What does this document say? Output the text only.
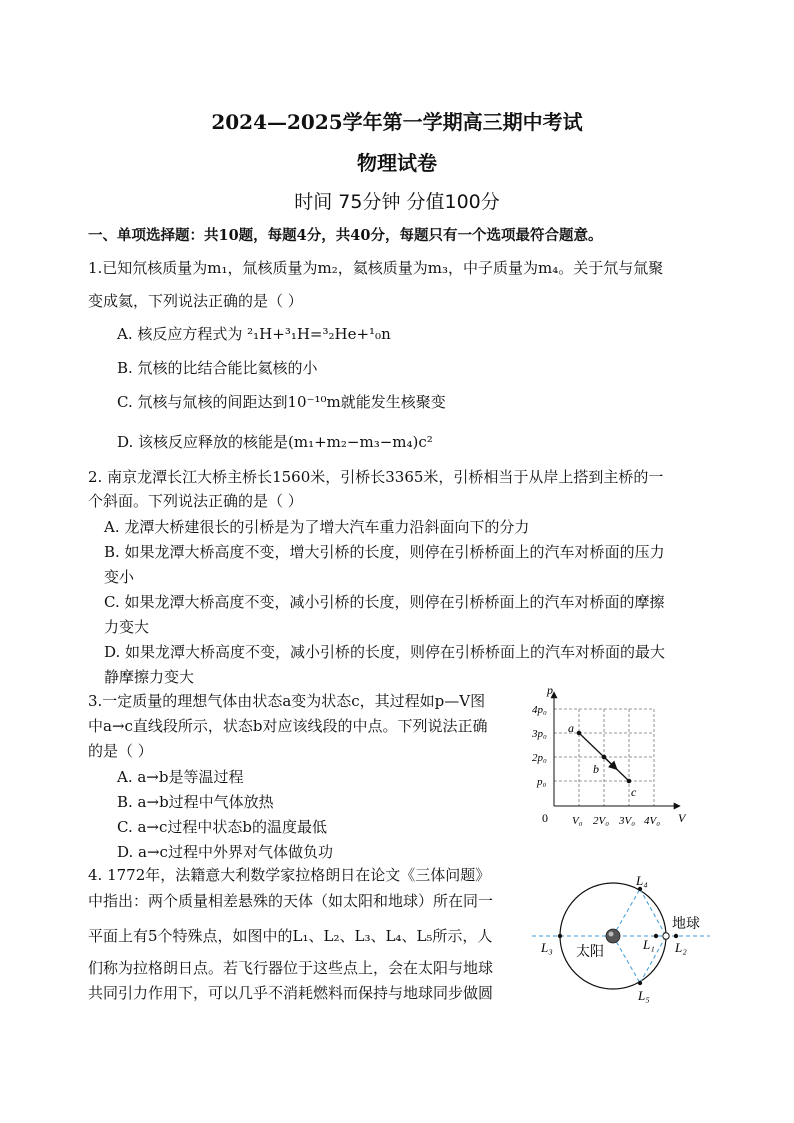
2024—2025学年第一学期高三期中考试
物理试卷
时间 75分钟 分值100分
一、单项选择题：共10题，每题4分，共40分，每题只有一个选项最符合题意。
1.已知氘核质量为m₁，氚核质量为m₂，氦核质量为m₃，中子质量为m₄。关于氘与氚聚
变成氦，下列说法正确的是（ ）
A. 核反应方程式为 ²₁H+³₁H=³₂He+¹₀n
B. 氘核的比结合能比氦核的小
C. 氘核与氚核的间距达到10⁻¹⁰m就能发生核聚变
D. 该核反应释放的核能是(m₁+m₂−m₃−m₄)c²
2. 南京龙潭长江大桥主桥长1560米，引桥长3365米，引桥相当于从岸上搭到主桥的一
个斜面。下列说法正确的是（ ）
A. 龙潭大桥建很长的引桥是为了增大汽车重力沿斜面向下的分力
B. 如果龙潭大桥高度不变，增大引桥的长度，则停在引桥桥面上的汽车对桥面的压力
变小
C. 如果龙潭大桥高度不变，减小引桥的长度，则停在引桥桥面上的汽车对桥面的摩擦
力变大
D. 如果龙潭大桥高度不变，减小引桥的长度，则停在引桥桥面上的汽车对桥面的最大
静摩擦力变大
3.一定质量的理想气体由状态a变为状态c，其过程如p—V图
中a→c直线段所示，状态b对应该线段的中点。下列说法正确
的是（ ）
A. a→b是等温过程
B. a→b过程中气体放热
C. a→c过程中状态b的温度最低
D. a→c过程中外界对气体做负功
p
V
0
4p₀
3p₀
2p₀
p₀
V₀ 2V₀ 3V₀ 4V₀
a
b
c
4. 1772年，法籍意大利数学家拉格朗日在论文《三体问题》
中指出：两个质量相差悬殊的天体（如太阳和地球）所在同一
平面上有5个特殊点，如图中的L₁、L₂、L₃、L₄、L₅所示，人
们称为拉格朗日点。若飞行器位于这些点上，会在太阳与地球
共同引力作用下，可以几乎不消耗燃料而保持与地球同步做圆
L₃	L₁ L₂
L₄
L₅
太阳
地球
